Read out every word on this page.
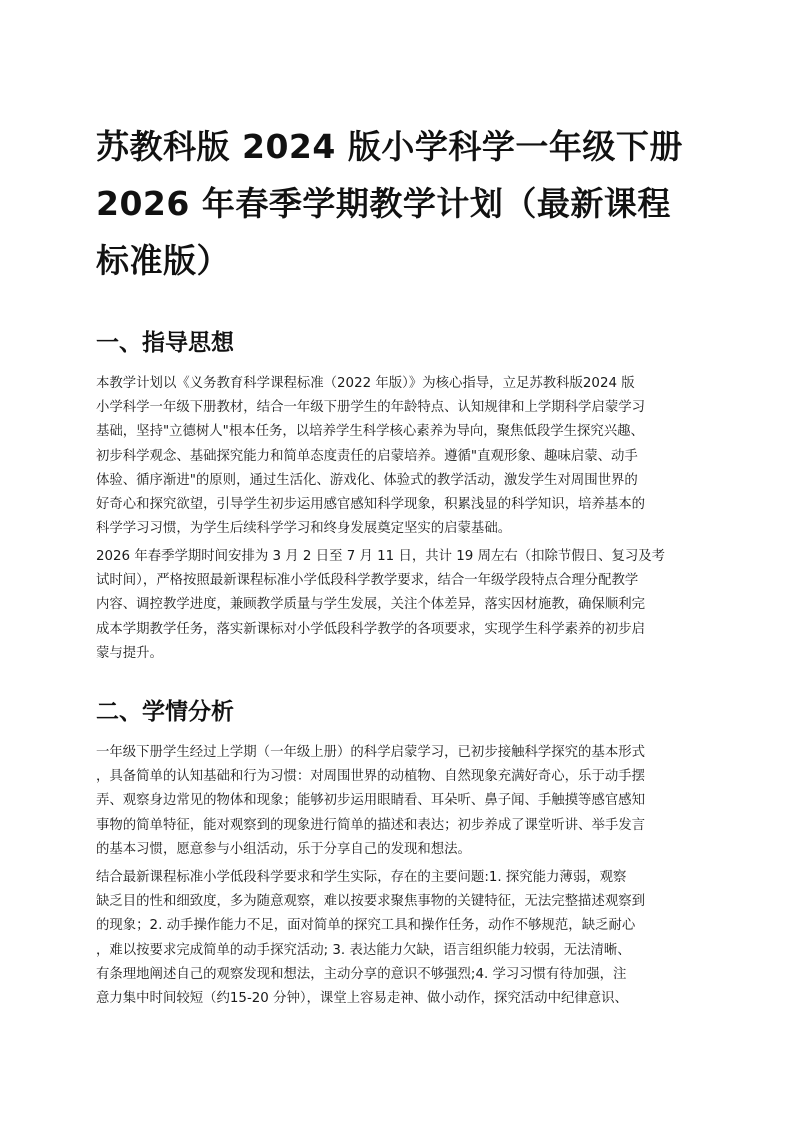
苏教科版 2024 版小学科学一年级下册
2026 年春季学期教学计划（最新课程
标准版）
一、指导思想
本教学计划以《义务教育科学课程标准（2022 年版）》为核心指导，立足苏教科版2024 版
小学科学一年级下册教材，结合一年级下册学生的年龄特点、认知规律和上学期科学启蒙学习
基础，坚持"立德树人"根本任务，以培养学生科学核心素养为导向，聚焦低段学生探究兴趣、
初步科学观念、基础探究能力和简单态度责任的启蒙培养。遵循"直观形象、趣味启蒙、动手
体验、循序渐进"的原则，通过生活化、游戏化、体验式的教学活动，激发学生对周围世界的
好奇心和探究欲望，引导学生初步运用感官感知科学现象，积累浅显的科学知识，培养基本的
科学学习习惯，为学生后续科学学习和终身发展奠定坚实的启蒙基础。
2026 年春季学期时间安排为 3 月 2 日至 7 月 11 日，共计 19 周左右（扣除节假日、复习及考
试时间），严格按照最新课程标准小学低段科学教学要求，结合一年级学段特点合理分配教学
内容、调控教学进度，兼顾教学质量与学生发展，关注个体差异，落实因材施教，确保顺利完
成本学期教学任务，落实新课标对小学低段科学教学的各项要求，实现学生科学素养的初步启
蒙与提升。
二、学情分析
一年级下册学生经过上学期（一年级上册）的科学启蒙学习，已初步接触科学探究的基本形式
，具备简单的认知基础和行为习惯：对周围世界的动植物、自然现象充满好奇心，乐于动手摆
弄、观察身边常见的物体和现象；能够初步运用眼睛看、耳朵听、鼻子闻、手触摸等感官感知
事物的简单特征，能对观察到的现象进行简单的描述和表达；初步养成了课堂听讲、举手发言
的基本习惯，愿意参与小组活动，乐于分享自己的发现和想法。
结合最新课程标准小学低段科学要求和学生实际，存在的主要问题:1. 探究能力薄弱，观察
缺乏目的性和细致度，多为随意观察，难以按要求聚焦事物的关键特征，无法完整描述观察到
的现象；2. 动手操作能力不足，面对简单的探究工具和操作任务，动作不够规范，缺乏耐心
，难以按要求完成简单的动手探究活动; 3. 表达能力欠缺，语言组织能力较弱，无法清晰、
有条理地阐述自己的观察发现和想法，主动分享的意识不够强烈;4. 学习习惯有待加强，注
意力集中时间较短（约15-20 分钟），课堂上容易走神、做小动作，探究活动中纪律意识、
